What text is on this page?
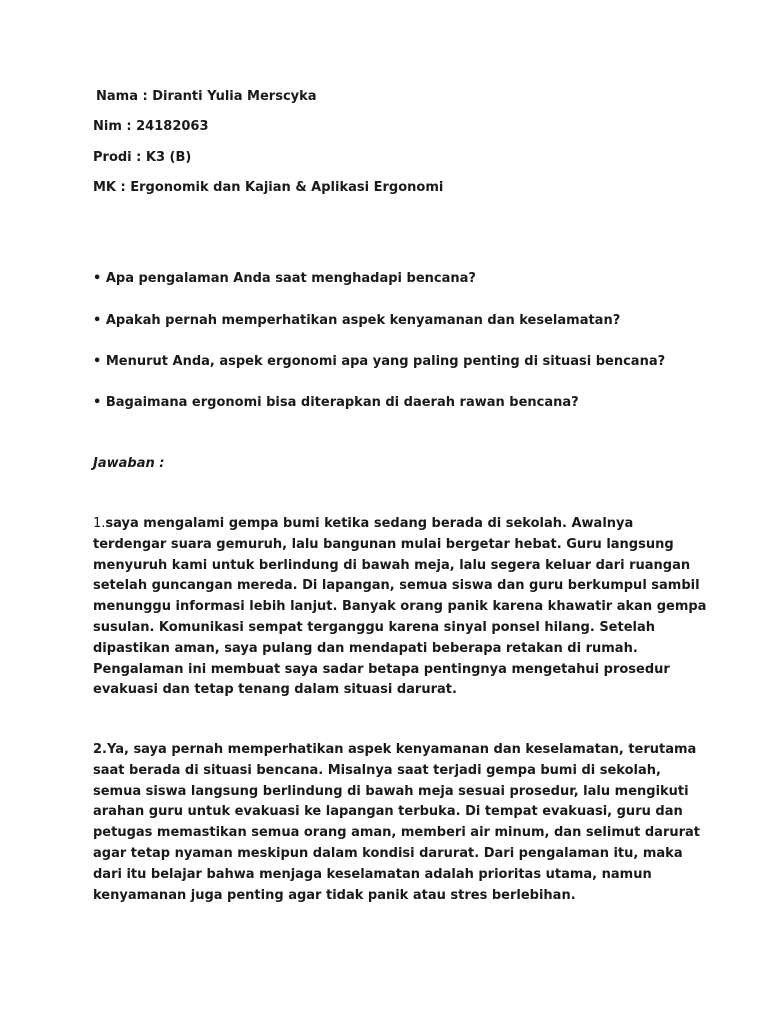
Nama : Diranti Yulia Merscyka
Nim : 24182063
Prodi : K3 (B)
MK : Ergonomik dan Kajian & Aplikasi Ergonomi
• Apa pengalaman Anda saat menghadapi bencana?
• Apakah pernah memperhatikan aspek kenyamanan dan keselamatan?
• Menurut Anda, aspek ergonomi apa yang paling penting di situasi bencana?
• Bagaimana ergonomi bisa diterapkan di daerah rawan bencana?
Jawaban :
1.saya mengalami gempa bumi ketika sedang berada di sekolah. Awalnya
terdengar suara gemuruh, lalu bangunan mulai bergetar hebat. Guru langsung
menyuruh kami untuk berlindung di bawah meja, lalu segera keluar dari ruangan
setelah guncangan mereda. Di lapangan, semua siswa dan guru berkumpul sambil
menunggu informasi lebih lanjut. Banyak orang panik karena khawatir akan gempa
susulan. Komunikasi sempat terganggu karena sinyal ponsel hilang. Setelah
dipastikan aman, saya pulang dan mendapati beberapa retakan di rumah.
Pengalaman ini membuat saya sadar betapa pentingnya mengetahui prosedur
evakuasi dan tetap tenang dalam situasi darurat.
2.Ya, saya pernah memperhatikan aspek kenyamanan dan keselamatan, terutama
saat berada di situasi bencana. Misalnya saat terjadi gempa bumi di sekolah,
semua siswa langsung berlindung di bawah meja sesuai prosedur, lalu mengikuti
arahan guru untuk evakuasi ke lapangan terbuka. Di tempat evakuasi, guru dan
petugas memastikan semua orang aman, memberi air minum, dan selimut darurat
agar tetap nyaman meskipun dalam kondisi darurat. Dari pengalaman itu, maka
dari itu belajar bahwa menjaga keselamatan adalah prioritas utama, namun
kenyamanan juga penting agar tidak panik atau stres berlebihan.
